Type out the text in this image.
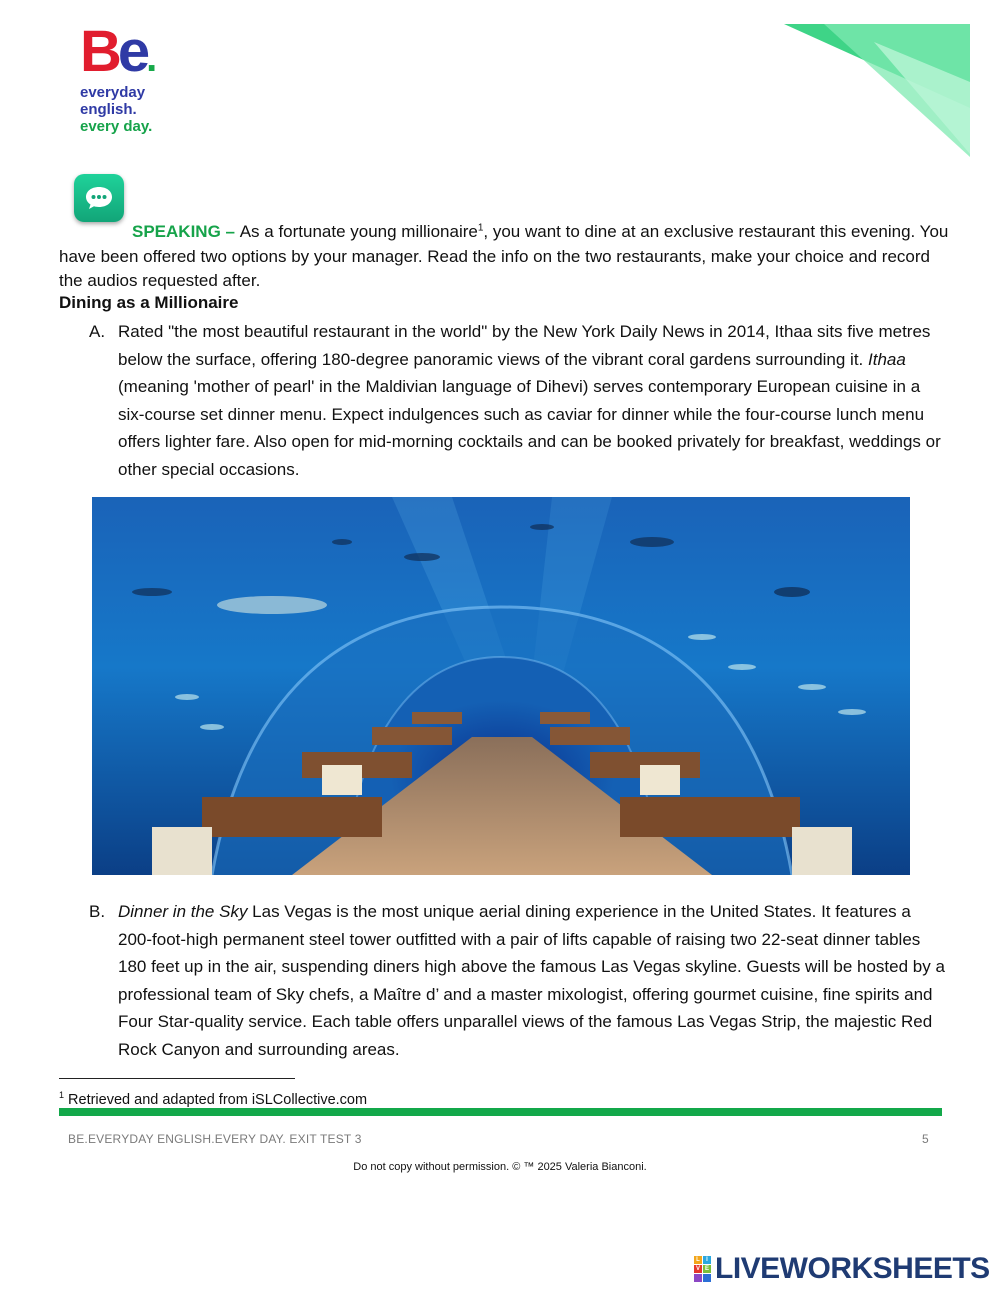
Be.
everyday
english.
every day.
SPEAKING – As a fortunate young millionaire$^1$, you want to dine at an exclusive restaurant this evening. You have been offered two options by your manager. Read the info on the two restaurants, make your choice and record the audios requested after.
Dining as a Millionaire
A. Rated "the most beautiful restaurant in the world" by the New York Daily News in 2014, Ithaa sits five metres below the surface, offering 180-degree panoramic views of the vibrant coral gardens surrounding it. Ithaa (meaning 'mother of pearl' in the Maldivian language of Dihevi) serves contemporary European cuisine in a six-course set dinner menu. Expect indulgences such as caviar for dinner while the four-course lunch menu offers lighter fare. Also open for mid-morning cocktails and can be booked privately for breakfast, weddings or other special occasions.
B. Dinner in the Sky Las Vegas is the most unique aerial dining experience in the United States. It features a 200-foot-high permanent steel tower outfitted with a pair of lifts capable of raising two 22-seat dinner tables 180 feet up in the air, suspending diners high above the famous Las Vegas skyline. Guests will be hosted by a professional team of Sky chefs, a Maître d’ and a master mixologist, offering gourmet cuisine, fine spirits and Four Star-quality service. Each table offers unparallel views of the famous Las Vegas Strip, the majestic Red Rock Canyon and surrounding areas.
$^1$ Retrieved and adapted from iSLCollective.com
BE.EVERYDAY ENGLISH.EVERY DAY. EXIT TEST 3	5
Do not copy without permission. © ™ 2025 Valeria Bianconi.
L	I
V E LIVEWORKSHEETS
